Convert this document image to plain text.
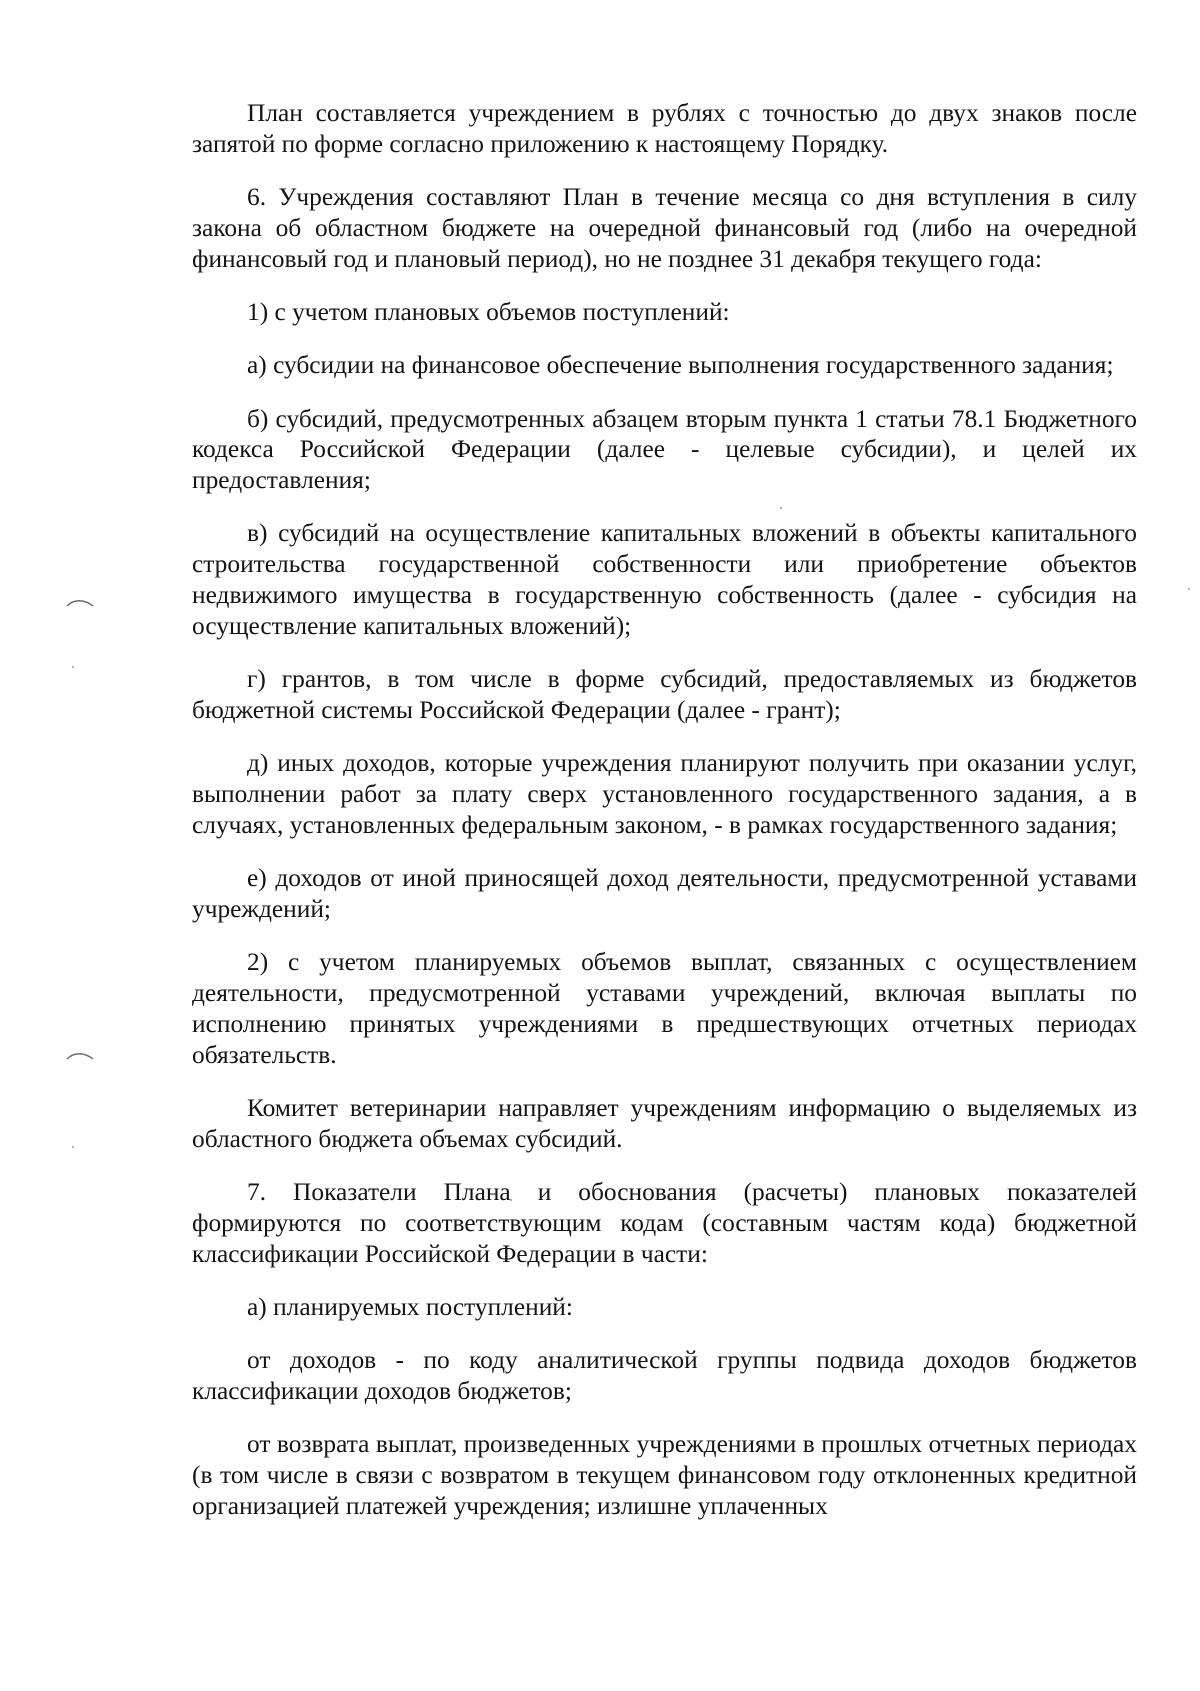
План составляется учреждением в рублях с точностью до двух знаков после запятой по форме согласно приложению к настоящему Порядку.

6. Учреждения составляют План в течение месяца со дня вступления в силу закона об областном бюджете на очередной финансовый год (либо на очередной финансовый год и плановый период), но не позднее 31 декабря текущего года:

1) с учетом плановых объемов поступлений:

а) субсидии на финансовое обеспечение выполнения государственного задания;

б) субсидий, предусмотренных абзацем вторым пункта 1 статьи 78.1 Бюджетного кодекса Российской Федерации (далее - целевые субсидии), и целей их предоставления;

в) субсидий на осуществление капитальных вложений в объекты капитального строительства государственной собственности или приобретение объектов недвижимого имущества в государственную собственность (далее - субсидия на осуществление капитальных вложений);

г) грантов, в том числе в форме субсидий, предоставляемых из бюджетов бюджетной системы Российской Федерации (далее - грант);

д) иных доходов, которые учреждения планируют получить при оказании услуг, выполнении работ за плату сверх установленного государственного задания, а в случаях, установленных федеральным законом, - в рамках государственного задания;

е) доходов от иной приносящей доход деятельности, предусмотренной уставами учреждений;

2) с учетом планируемых объемов выплат, связанных с осуществлением деятельности, предусмотренной уставами учреждений, включая выплаты по исполнению принятых учреждениями в предшествующих отчетных периодах обязательств.

Комитет ветеринарии направляет учреждениям информацию о выделяемых из областного бюджета объемах субсидий.

7. Показатели Плана и обоснования (расчеты) плановых показателей формируются по соответствующим кодам (составным частям кода) бюджетной классификации Российской Федерации в части:

а) планируемых поступлений:

от доходов - по коду аналитической группы подвида доходов бюджетов классификации доходов бюджетов;

от возврата выплат, произведенных учреждениями в прошлых отчетных периодах (в том числе в связи с возвратом в текущем финансовом году отклоненных кредитной организацией платежей учреждения; излишне уплаченных
